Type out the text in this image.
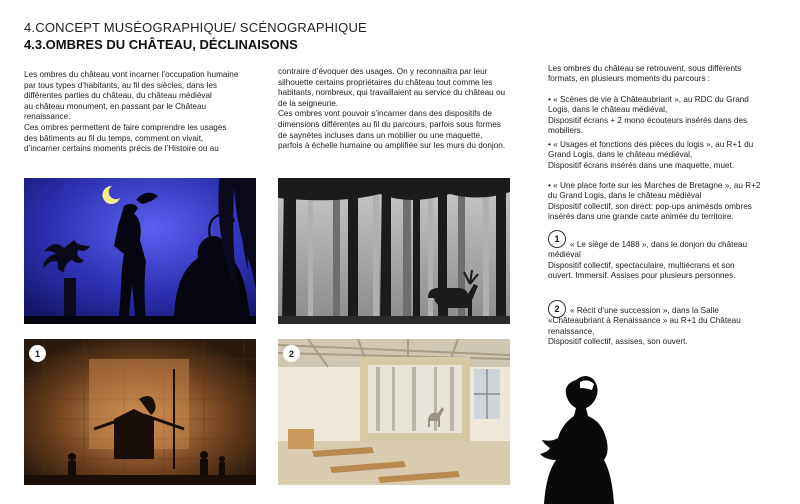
4.CONCEPT MUSÉOGRAPHIQUE/ SCÉNOGRAPHIQUE
4.3.OMBRES DU CHÂTEAU, DÉCLINAISONS
Les ombres du château vont incarner l’occupation humaine
par tous types d’habitants, au fil des siècles, dans les
différentes parties du château, du château médiéval
au château monument, en passant par le Château
renaissance.
Ces ombres permettent de faire comprendre les usages
des bâtiments au fil du temps, comment on vivait,
d’incarner certains moments précis de l’Histoire ou au
contraire d’évoquer des usages. On y reconnaitra par leur
silhouette certains propriétaires du château tout comme les
habitants, nombreux, qui travaillaient au service du château ou
de la seigneurie.
Ces ombres vont pouvoir s’incarner dans des dispositifs de
dimensions différentes au fil du parcours, parfois sous formes
de saynètes incluses dans un mobilier ou une maquette,
parfois à échelle humaine ou amplifiée sur les murs du donjon.
Les ombres du château se retrouvent, sous différents
formats, en plusieurs moments du parcours :
• « Scènes de vie à Châteaubriant », au RDC du Grand
Logis, dans le château médiéval,
Dispositif écrans + 2 mono écouteurs insérés dans des
mobiliers.
• « Usages et fonctions des pièces du logis », au R+1 du
Grand Logis, dans le château médiéval,
Dispositif écrans insérés dans une maquette, muet.
• « Une place forte sur les Marches de Bretagne », au R+2
du Grand Logis, dans le château médiéval
Dispositif collectif, son direct: pop-ups animésds ombres
insérés dans une grande carte animée du territoire.
1
« Le siège de 1488 », dans le donjon du château
médiéval
Dispositif collectif, spectaculaire, multiécrans et son
ouvert. Immersif. Assises pour plusieurs personnes.
2	« Récit d’une succession », dans la Salle
«Châteaubriant à Renaissance » au R+1 du Château
renaissance,
Dispositif collectif, assises, son ouvert.
1	2
